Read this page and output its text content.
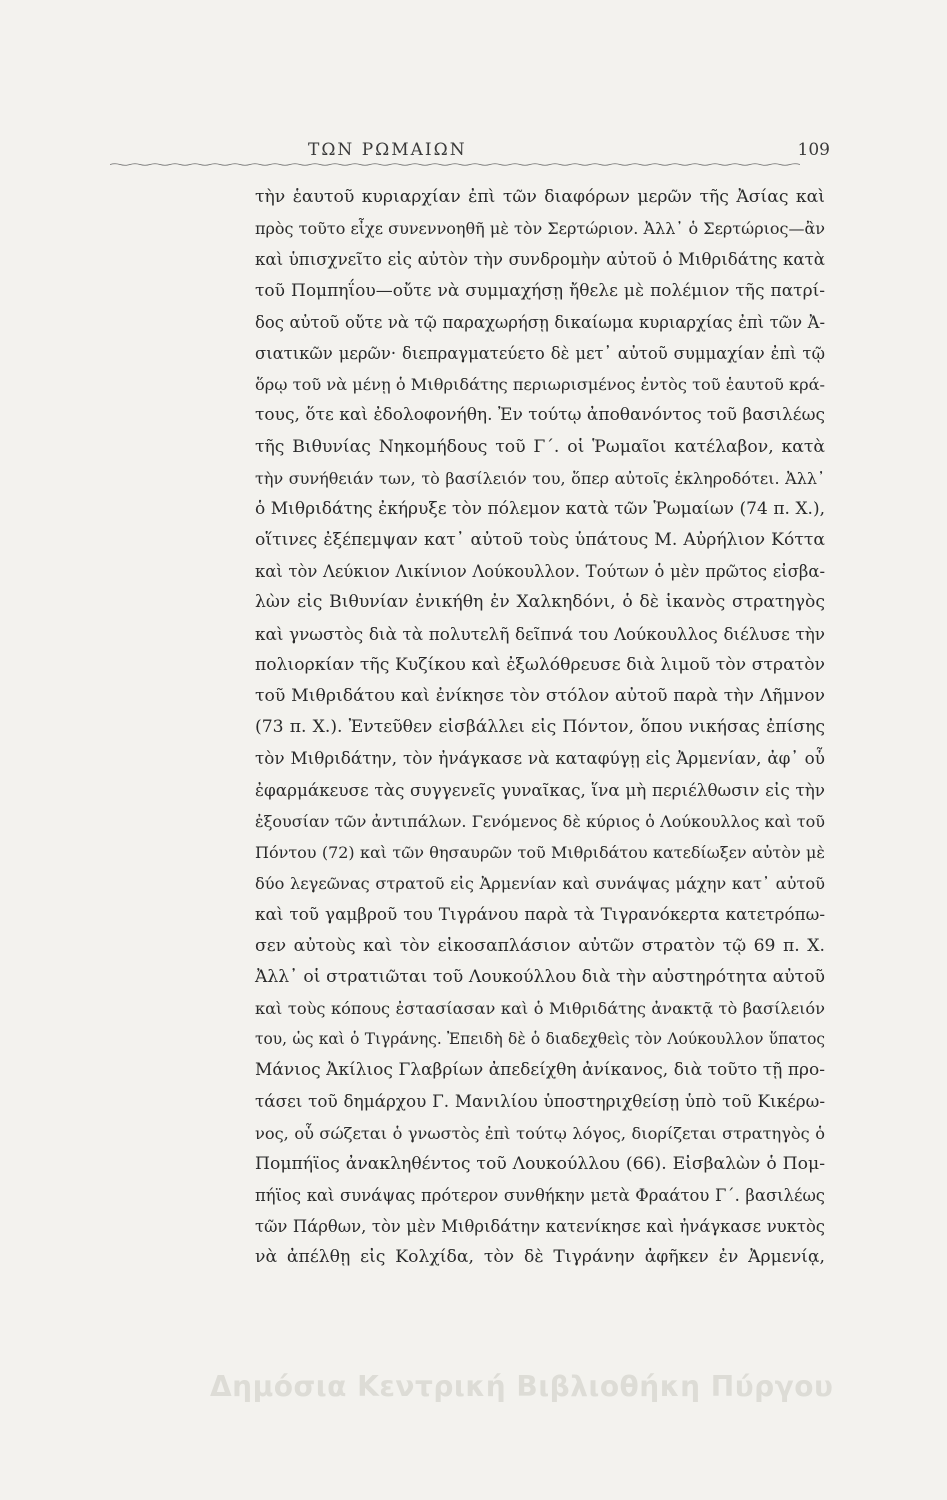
ΤΩΝ ΡΩΜΑΙΩΝ	109
τὴν ἑαυτοῦ κυριαρχίαν ἐπὶ τῶν διαφόρων μερῶν τῆς Ἀσίας καὶ
πρὸς τοῦτο εἶχε συνεννοηθῆ μὲ τὸν Σερτώριον. Ἀλλ᾽ ὁ Σερτώριος—ἂν
καὶ ὑπισχνεῖτο εἰς αὐτὸν τὴν συνδρομὴν αὐτοῦ ὁ Μιθριδάτης κατὰ
τοῦ Πομπηΐου—οὔτε νὰ συμμαχήσῃ ἤθελε μὲ πολέμιον τῆς πατρί-
δος αὐτοῦ οὔτε νὰ τῷ παραχωρήσῃ δικαίωμα κυριαρχίας ἐπὶ τῶν Ἀ-
σιατικῶν μερῶν· διεπραγματεύετο δὲ μετ᾽ αὐτοῦ συμμαχίαν ἐπὶ τῷ
ὅρῳ τοῦ νὰ μένῃ ὁ Μιθριδάτης περιωρισμένος ἐντὸς τοῦ ἑαυτοῦ κρά-
τους, ὅτε καὶ ἐδολοφονήθη. Ἐν τούτῳ ἀποθανόντος τοῦ βασιλέως
τῆς Βιθυνίας Νηκομήδους τοῦ Γ΄. οἱ Ῥωμαῖοι κατέλαβον, κατὰ
τὴν συνήθειάν των, τὸ βασίλειόν του, ὅπερ αὐτοῖς ἐκληροδότει. Ἀλλ᾽
ὁ Μιθριδάτης ἐκήρυξε τὸν πόλεμον κατὰ τῶν Ῥωμαίων (74 π. Χ.),
οἵτινες ἐξέπεμψαν κατ᾽ αὐτοῦ τοὺς ὑπάτους Μ. Αὐρήλιον Κόττα
καὶ τὸν Λεύκιον Λικίνιον Λούκουλλον. Τούτων ὁ μὲν πρῶτος εἰσβα-
λὼν εἰς Βιθυνίαν ἐνικήθη ἐν Χαλκηδόνι, ὁ δὲ ἱκανὸς στρατηγὸς
καὶ γνωστὸς διὰ τὰ πολυτελῆ δεῖπνά του Λούκουλλος διέλυσε τὴν
πολιορκίαν τῆς Κυζίκου καὶ ἐξωλόθρευσε διὰ λιμοῦ τὸν στρατὸν
τοῦ Μιθριδάτου καὶ ἐνίκησε τὸν στόλον αὐτοῦ παρὰ τὴν Λῆμνον
(73 π. Χ.). Ἐντεῦθεν εἰσβάλλει εἰς Πόντον, ὅπου νικήσας ἐπίσης
τὸν Μιθριδάτην, τὸν ἠνάγκασε νὰ καταφύγῃ εἰς Ἀρμενίαν, ἀφ᾽ οὗ
ἐφαρμάκευσε τὰς συγγενεῖς γυναῖκας, ἵνα μὴ περιέλθωσιν εἰς τὴν
ἐξουσίαν τῶν ἀντιπάλων. Γενόμενος δὲ κύριος ὁ Λούκουλλος καὶ τοῦ
Πόντου (72) καὶ τῶν θησαυρῶν τοῦ Μιθριδάτου κατεδίωξεν αὐτὸν μὲ
δύο λεγεῶνας στρατοῦ εἰς Ἀρμενίαν καὶ συνάψας μάχην κατ᾽ αὐτοῦ
καὶ τοῦ γαμβροῦ του Τιγράνου παρὰ τὰ Τιγρανόκερτα κατετρόπω-
σεν αὐτοὺς καὶ τὸν εἰκοσαπλάσιον αὐτῶν στρατὸν τῷ 69 π. Χ.
Ἀλλ᾽ οἱ στρατιῶται τοῦ Λουκούλλου διὰ τὴν αὐστηρότητα αὐτοῦ
καὶ τοὺς κόπους ἐστασίασαν καὶ ὁ Μιθριδάτης ἀνακτᾷ τὸ βασίλειόν
του, ὡς καὶ ὁ Τιγράνης. Ἐπειδὴ δὲ ὁ διαδεχθεὶς τὸν Λούκουλλον ὕπατος
Μάνιος Ἀκίλιος Γλαβρίων ἀπεδείχθη ἀνίκανος, διὰ τοῦτο τῇ προ-
τάσει τοῦ δημάρχου Γ. Μανιλίου ὑποστηριχθείσῃ ὑπὸ τοῦ Κικέρω-
νος, οὗ σώζεται ὁ γνωστὸς ἐπὶ τούτῳ λόγος, διορίζεται στρατηγὸς ὁ
Πομπήϊος ἀνακληθέντος τοῦ Λουκούλλου (66). Εἰσβαλὼν ὁ Πομ-
πήϊος καὶ συνάψας πρότερον συνθήκην μετὰ Φραάτου Γ΄. βασιλέως
τῶν Πάρθων, τὸν μὲν Μιθριδάτην κατενίκησε καὶ ἠνάγκασε νυκτὸς
νὰ ἀπέλθῃ εἰς Κολχίδα, τὸν δὲ Τιγράνην ἀφῆκεν ἐν Ἀρμενίᾳ,
Δημόσια Κεντρική Βιβλιοθήκη Πύργου
